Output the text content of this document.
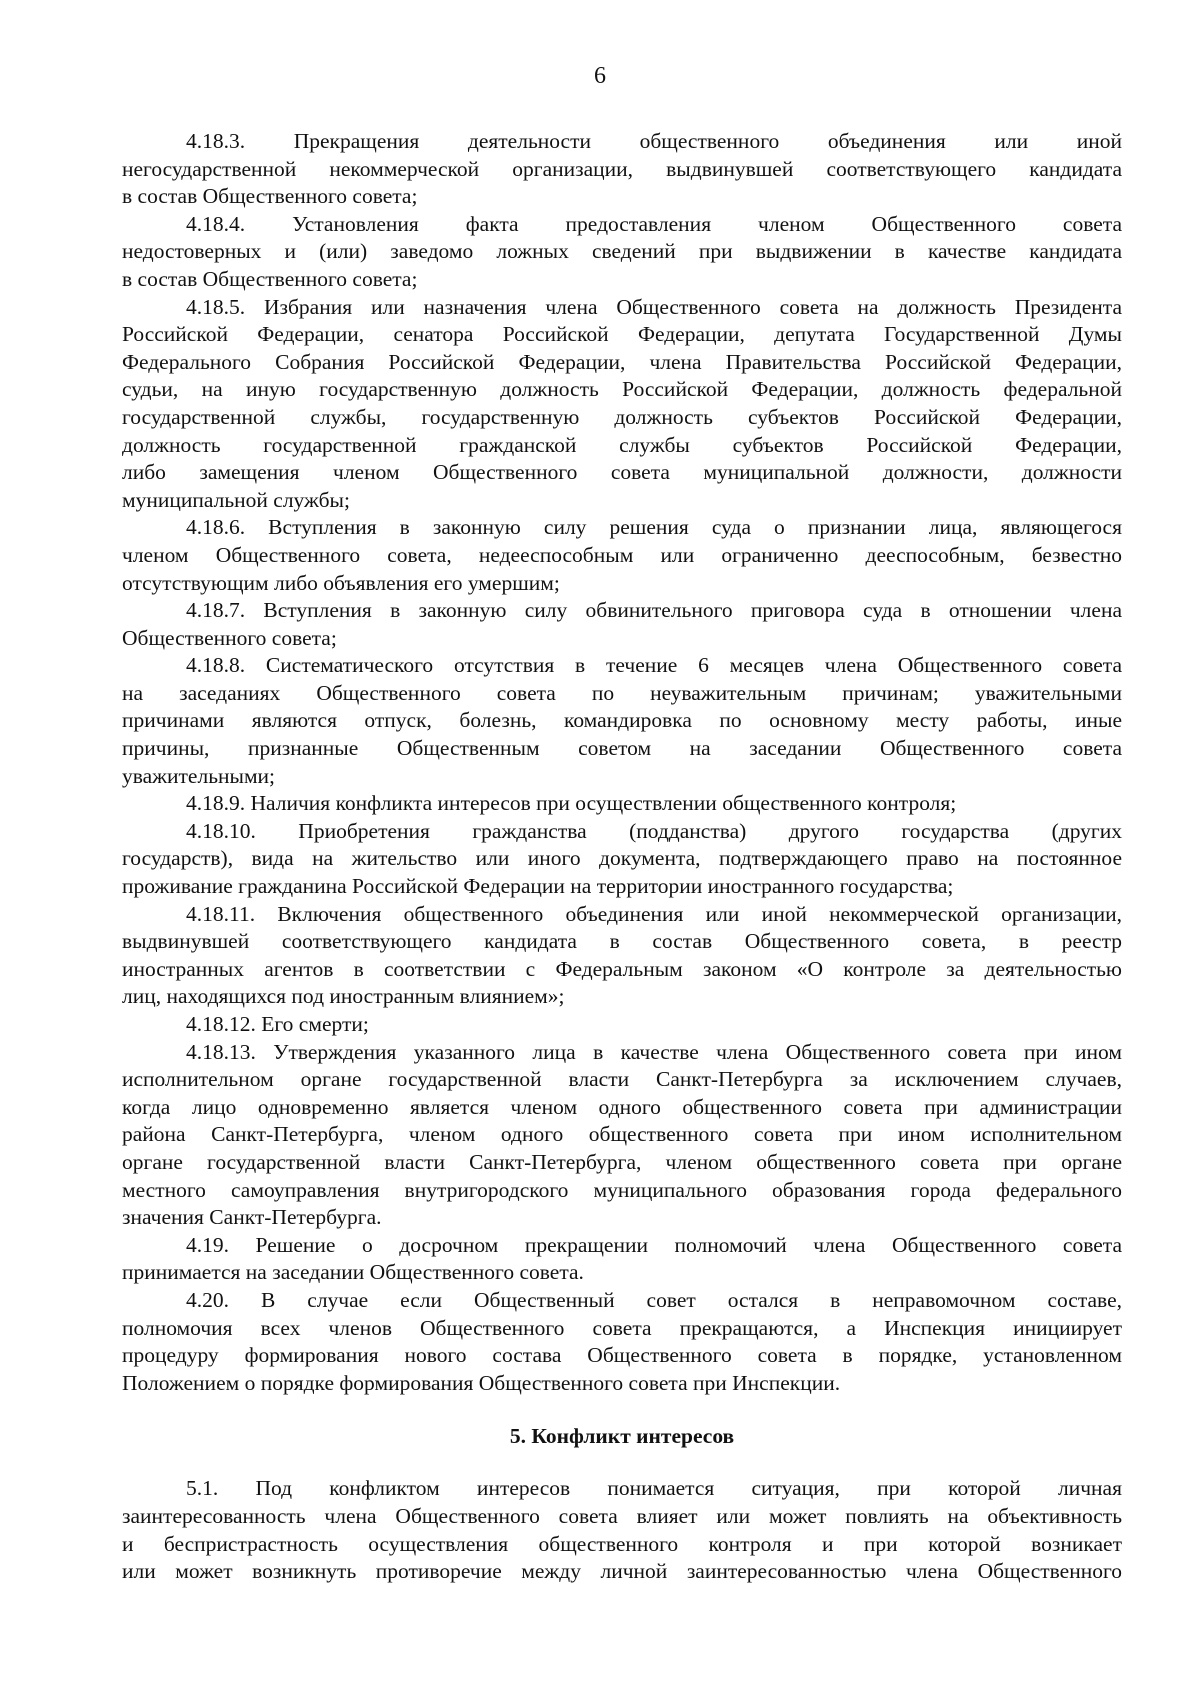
6
4.18.3. Прекращения деятельности общественного объединения или иной
негосударственной некоммерческой организации, выдвинувшей соответствующего кандидата
в состав Общественного совета;
4.18.4. Установления факта предоставления членом Общественного совета
недостоверных и (или) заведомо ложных сведений при выдвижении в качестве кандидата
в состав Общественного совета;
4.18.5. Избрания или назначения члена Общественного совета на должность Президента
Российской Федерации, сенатора Российской Федерации, депутата Государственной Думы
Федерального Собрания Российской Федерации, члена Правительства Российской Федерации,
судьи, на иную государственную должность Российской Федерации, должность федеральной
государственной службы, государственную должность субъектов Российской Федерации,
должность государственной гражданской службы субъектов Российской Федерации,
либо замещения членом Общественного совета муниципальной должности, должности
муниципальной службы;
4.18.6. Вступления в законную силу решения суда о признании лица, являющегося
членом Общественного совета, недееспособным или ограниченно дееспособным, безвестно
отсутствующим либо объявления его умершим;
4.18.7. Вступления в законную силу обвинительного приговора суда в отношении члена
Общественного совета;
4.18.8. Систематического отсутствия в течение 6 месяцев члена Общественного совета
на заседаниях Общественного совета по неуважительным причинам; уважительными
причинами являются отпуск, болезнь, командировка по основному месту работы, иные
причины, признанные Общественным советом на заседании Общественного совета
уважительными;
4.18.9. Наличия конфликта интересов при осуществлении общественного контроля;
4.18.10. Приобретения гражданства (подданства) другого государства (других
государств), вида на жительство или иного документа, подтверждающего право на постоянное
проживание гражданина Российской Федерации на территории иностранного государства;
4.18.11. Включения общественного объединения или иной некоммерческой организации,
выдвинувшей соответствующего кандидата в состав Общественного совета, в реестр
иностранных агентов в соответствии с Федеральным законом «О контроле за деятельностью
лиц, находящихся под иностранным влиянием»;
4.18.12. Его смерти;
4.18.13. Утверждения указанного лица в качестве члена Общественного совета при ином
исполнительном органе государственной власти Санкт-Петербурга за исключением случаев,
когда лицо одновременно является членом одного общественного совета при администрации
района Санкт-Петербурга, членом одного общественного совета при ином исполнительном
органе государственной власти Санкт-Петербурга, членом общественного совета при органе
местного самоуправления внутригородского муниципального образования города федерального
значения Санкт-Петербурга.
4.19. Решение о досрочном прекращении полномочий члена Общественного совета
принимается на заседании Общественного совета.
4.20. В случае если Общественный совет остался в неправомочном составе,
полномочия всех членов Общественного совета прекращаются, а Инспекция инициирует
процедуру формирования нового состава Общественного совета в порядке, установленном
Положением о порядке формирования Общественного совета при Инспекции.
5. Конфликт интересов
5.1. Под конфликтом интересов понимается ситуация, при которой личная
заинтересованность члена Общественного совета влияет или может повлиять на объективность
и беспристрастность осуществления общественного контроля и при которой возникает
или может возникнуть противоречие между личной заинтересованностью члена Общественного
